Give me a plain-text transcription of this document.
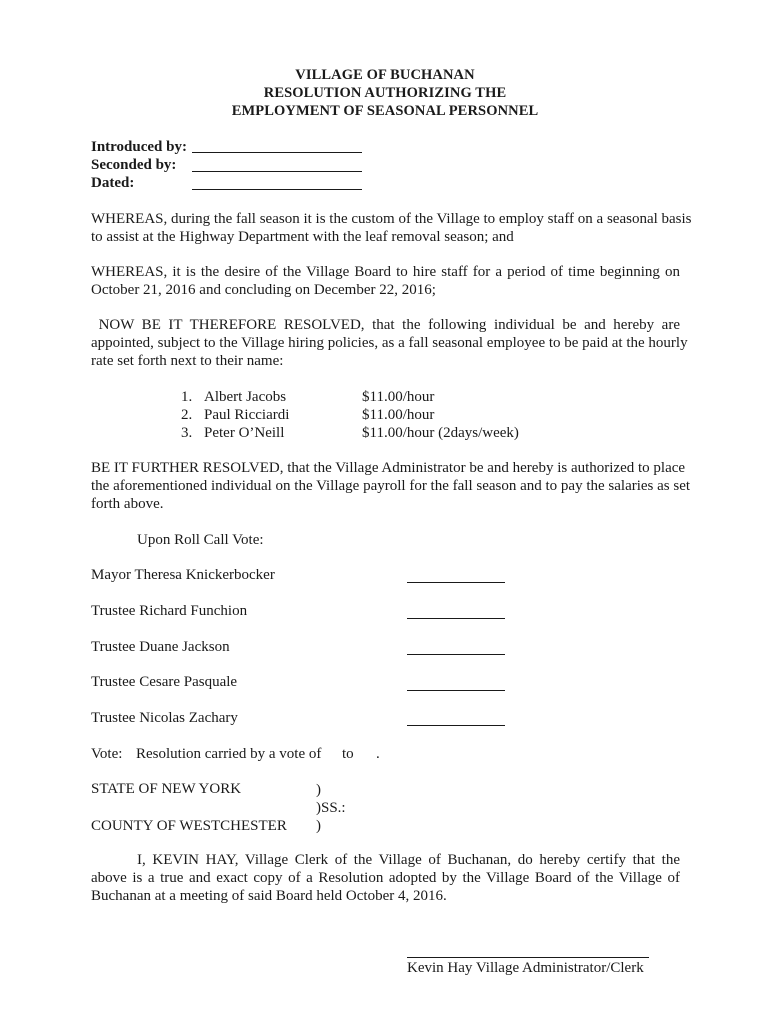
VILLAGE OF BUCHANAN
RESOLUTION AUTHORIZING THE
EMPLOYMENT OF SEASONAL PERSONNEL
Introduced by:
Seconded by:
Dated:
WHEREAS, during the fall season it is the custom of the Village to employ staff on a seasonal basis
to assist at the Highway Department with the leaf removal season; and
WHEREAS, it is the desire of the Village Board to hire staff for a period of time beginning on
October 21, 2016 and concluding on December 22, 2016;
NOW BE IT THEREFORE RESOLVED, that the following individual be and hereby are
appointed, subject to the Village hiring policies, as a fall seasonal employee to be paid at the hourly
rate set forth next to their name:
1. Albert Jacobs	$11.00/hour
2. Paul Ricciardi	$11.00/hour
3. Peter O’Neill	$11.00/hour (2days/week)
BE IT FURTHER RESOLVED, that the Village Administrator be and hereby is authorized to place
the aforementioned individual on the Village payroll for the fall season and to pay the salaries as set
forth above.
Upon Roll Call Vote:
Mayor Theresa Knickerbocker
Trustee Richard Funchion
Trustee Duane Jackson
Trustee Cesare Pasquale
Trustee Nicolas Zachary
Vote: Resolution carried by a vote of to .
STATE OF NEW YORK	)
)SS.:
COUNTY OF WESTCHESTER )
I, KEVIN HAY, Village Clerk of the Village of Buchanan, do hereby certify that the
above is a true and exact copy of a Resolution adopted by the Village Board of the Village of
Buchanan at a meeting of said Board held October 4, 2016.
Kevin Hay Village Administrator/Clerk
